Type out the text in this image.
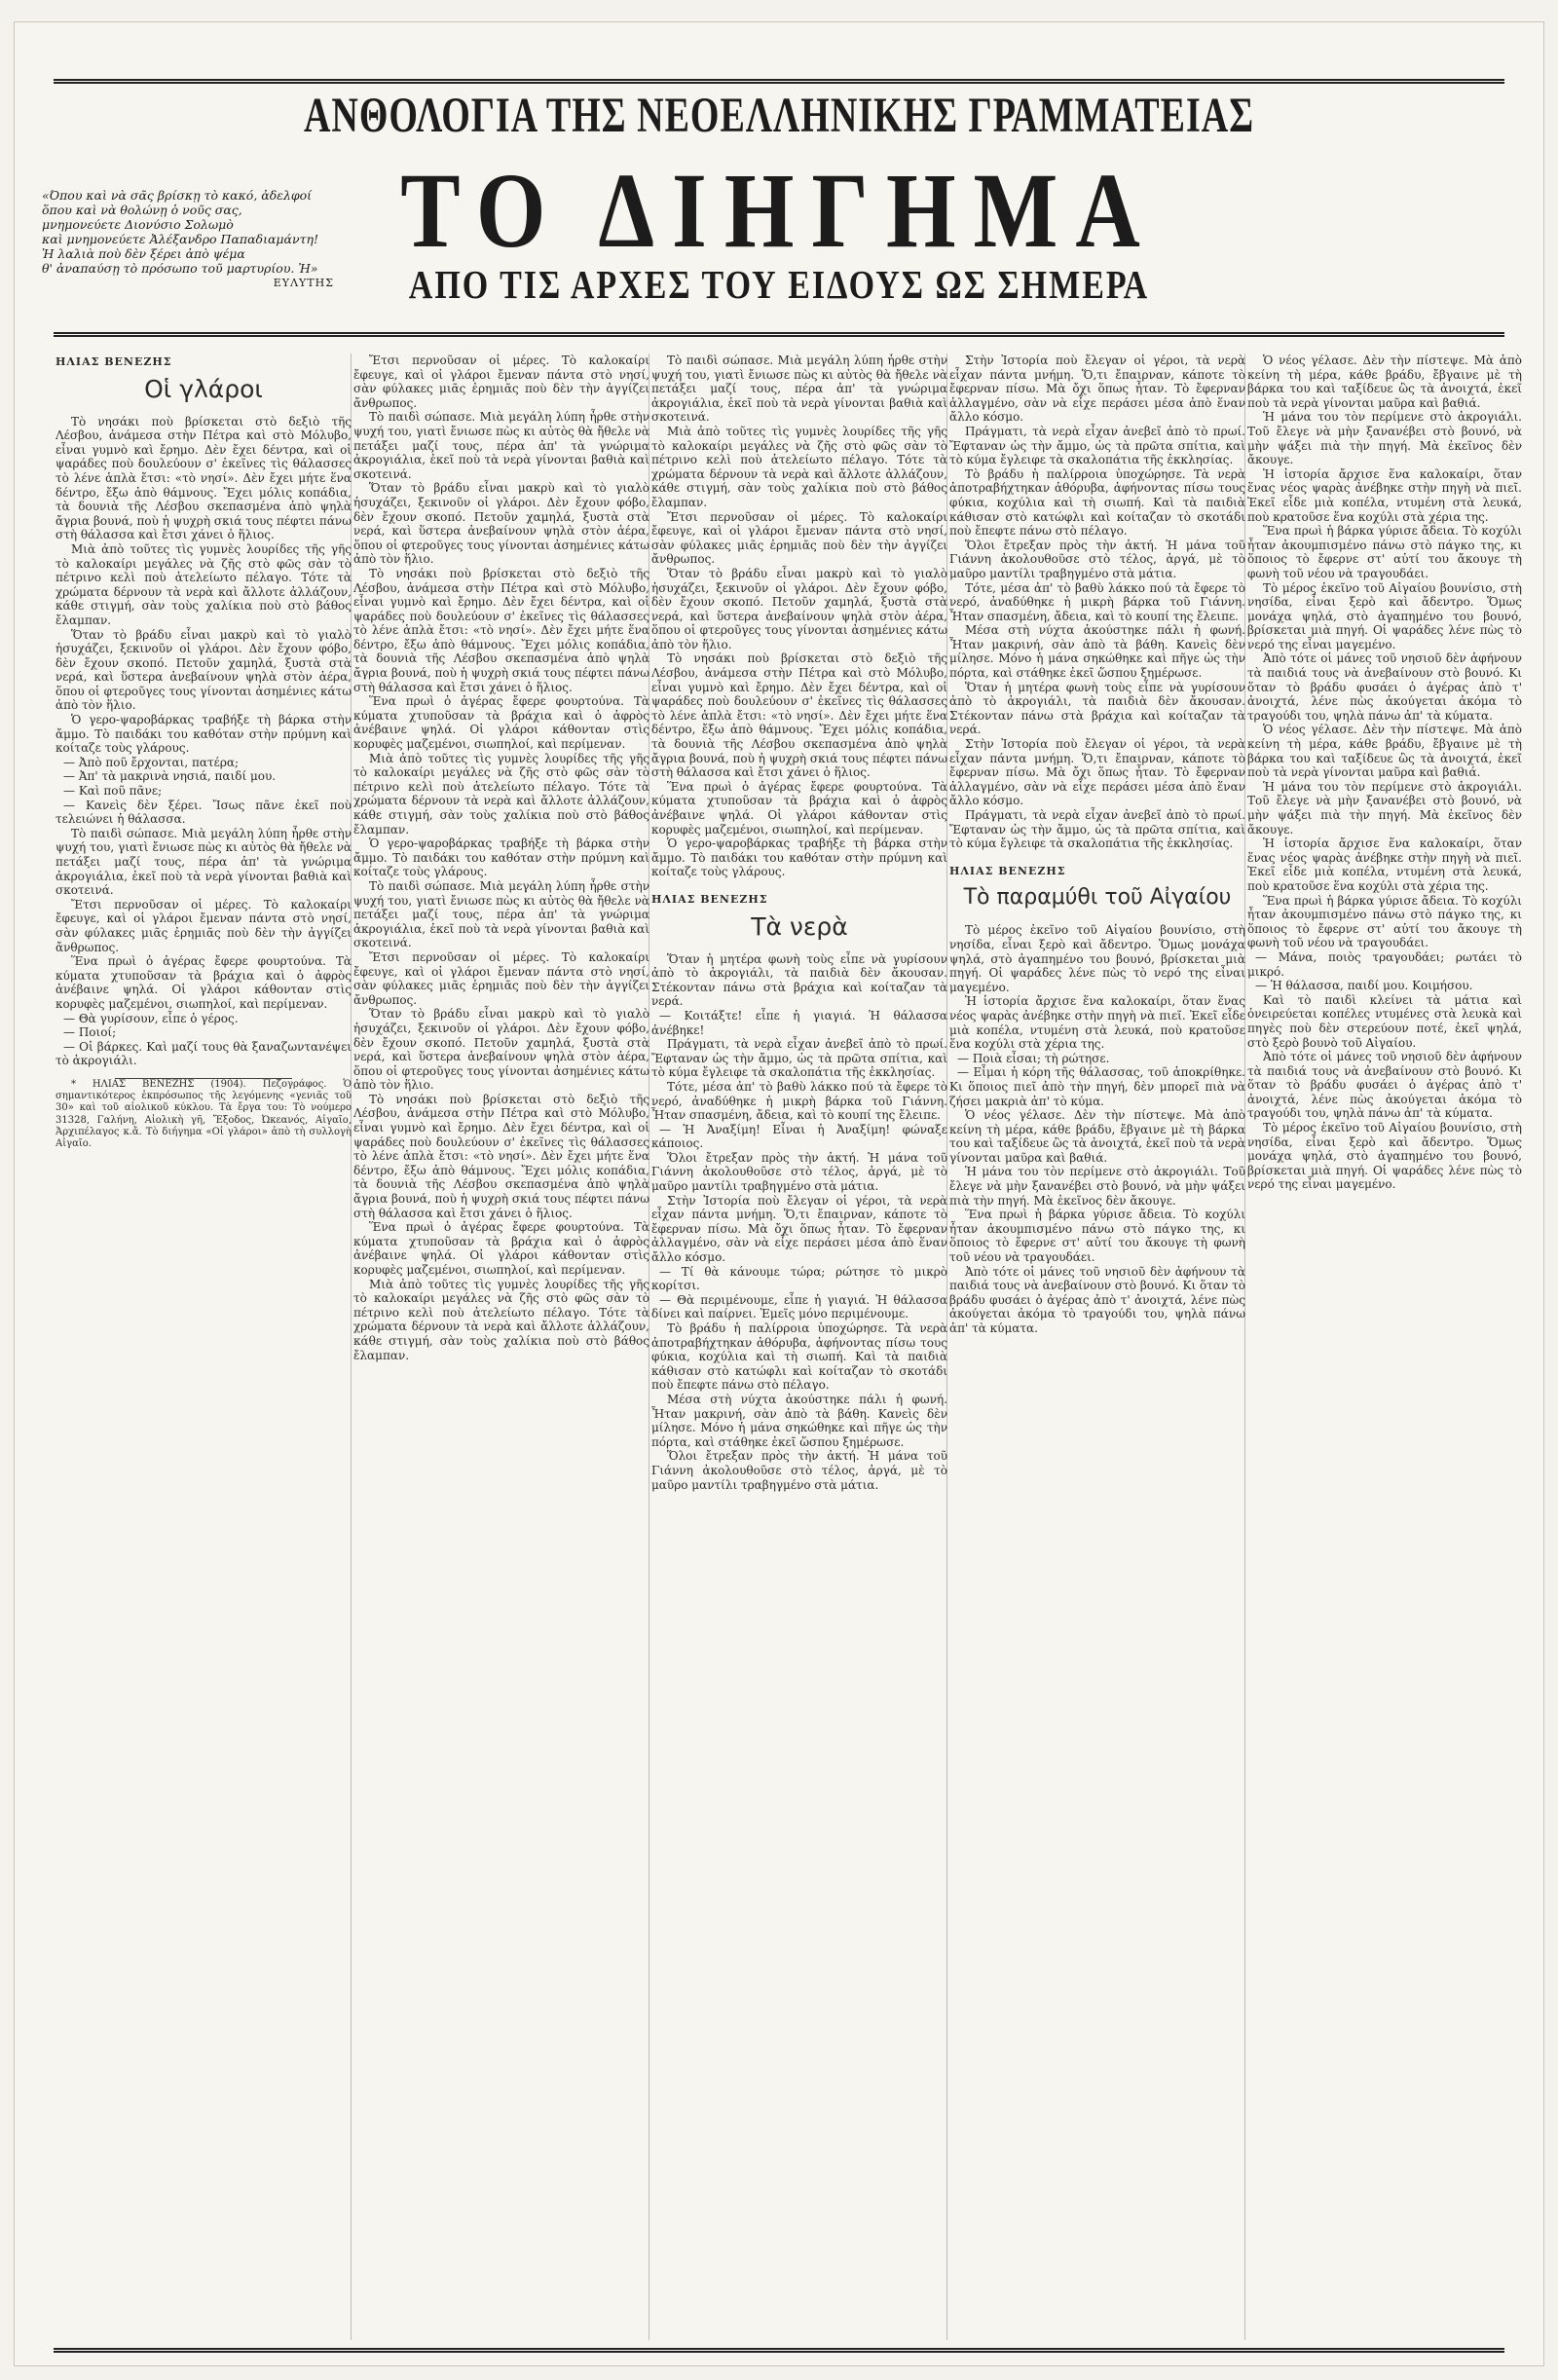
ΑΝΘΟΛΟΓΙΑ ΤΗΣ ΝΕΟΕΛΛΗΝΙΚΗΣ ΓΡΑΜΜΑΤΕΙΑΣ
ΤΟ ΔΙΗΓΗΜΑ
ΑΠΟ ΤΙΣ ΑΡΧΕΣ ΤΟΥ ΕΙΔΟΥΣ ΩΣ ΣΗΜΕΡΑ
«Όπου καὶ νὰ σᾶς βρίσκῃ τὸ κακό, ἀδελφοί
ὅπου καὶ νὰ θολώνῃ ὁ νοῦς σας,
μνημονεύετε Διονύσιο Σολωμὸ
καὶ μνημονεύετε Ἀλέξανδρο Παπαδιαμάντη!
Ἡ λαλιὰ ποὺ δὲν ξέρει ἀπὸ ψέμα
θ' ἀναπαύσῃ τὸ πρόσωπο τοῦ μαρτυρίου. Ἠ»
ΕΥΛΥΤΗΣ
ΗΛΙΑΣ ΒΕΝΕΖΗΣ
Οἱ γλάροι

Τὸ νησάκι ποὺ βρίσκεται στὸ δεξιὸ τῆς Λέσβου, ἀνάμεσα στὴν Πέτρα καὶ στὸ Μόλυβο, εἶναι γυμνὸ καὶ ἔρημο. Δὲν ἔχει δέντρα, καὶ οἱ ψαράδες ποὺ δουλεύουν σ' ἐκεῖνες τὶς θάλασσες τὸ λένε ἁπλὰ ἔτσι: «τὸ νησί». Δὲν ἔχει μήτε ἕνα δέντρο, ἔξω ἀπὸ θάμνους. Ἔχει μόλις κοπάδια, τὰ δουνιὰ τῆς Λέσβου σκεπασμένα ἀπὸ ψηλὰ ἄγρια βουνά, ποὺ ἡ ψυχρὴ σκιά τους πέφτει πάνω στὴ θάλασσα καὶ ἔτσι χάνει ὁ ἥλιος.

Μιὰ ἀπὸ τοῦτες τὶς γυμνὲς λουρίδες τῆς γῆς τὸ καλοκαίρι μεγάλες νὰ ζῆς στὸ φῶς σὰν τὸ πέτρινο κελὶ ποὺ ἀτελείωτο πέλαγο. Τότε τὰ χρώματα δέρνουν τὰ νερὰ καὶ ἄλλοτε ἀλλάζουν, κάθε στιγμή, σὰν τοὺς χαλίκια ποὺ στὸ βάθος ἔλαμπαν.

Ὅταν τὸ βράδυ εἶναι μακρὺ καὶ τὸ γιαλὸ ἡσυχάζει, ξεκινοῦν οἱ γλάροι. Δὲν ἔχουν φόβο, δὲν ἔχουν σκοπό. Πετοῦν χαμηλά, ξυστὰ στὰ νερά, καὶ ὕστερα ἀνεβαίνουν ψηλὰ στὸν ἀέρα, ὅπου οἱ φτεροῦγες τους γίνονται ἀσημένιες κάτω ἀπὸ τὸν ἥλιο.

Ὁ γερο-ψαροβάρκας τραβήξε τὴ βάρκα στὴν ἄμμο. Τὸ παιδάκι του καθόταν στὴν πρύμνη καὶ κοίταζε τοὺς γλάρους.

— Ἀπὸ ποῦ ἔρχονται, πατέρα;

— Ἀπ' τὰ μακρινὰ νησιά, παιδί μου.

— Καὶ ποῦ πᾶνε;

— Κανεὶς δὲν ξέρει. Ἴσως πᾶνε ἐκεῖ ποὺ τελειώνει ἡ θάλασσα.

Τὸ παιδὶ σώπασε. Μιὰ μεγάλη λύπη ἦρθε στὴν ψυχή του, γιατὶ ἔνιωσε πὼς κι αὐτὸς θὰ ἤθελε νὰ πετάξει μαζί τους, πέρα ἀπ' τὰ γνώριμα ἀκρογιάλια, ἐκεῖ ποὺ τὰ νερὰ γίνονται βαθιὰ καὶ σκοτεινά.

Ἔτσι περνοῦσαν οἱ μέρες. Τὸ καλοκαίρι ἔφευγε, καὶ οἱ γλάροι ἔμεναν πάντα στὸ νησί, σὰν φύλακες μιᾶς ἐρημιᾶς ποὺ δὲν τὴν ἀγγίζει ἄνθρωπος.

Ἕνα πρωὶ ὁ ἀγέρας ἔφερε φουρτούνα. Τὰ κύματα χτυποῦσαν τὰ βράχια καὶ ὁ ἀφρὸς ἀνέβαινε ψηλά. Οἱ γλάροι κάθονταν στὶς κορυφὲς μαζεμένοι, σιωπηλοί, καὶ περίμεναν.

— Θὰ γυρίσουν, εἶπε ὁ γέρος.

— Ποιοί;

— Οἱ βάρκες. Καὶ μαζί τους θὰ ξαναζωντανέψει τὸ ἀκρογιάλι.

* ΗΛΙΑΣ ΒΕΝΕΖΗΣ (1904). Πεζογράφος. Ὁ σημαντικότερος ἐκπρόσωπος τῆς λεγόμενης «γενιᾶς τοῦ 30» καὶ τοῦ αἰολικοῦ κύκλου. Τὰ ἔργα του: Τὸ νούμερο 31328, Γαλήνη, Αἰολικὴ γῆ, Ἔξοδος, Ὠκεανός, Αἰγαῖο, Ἀρχιπέλαγος κ.ἄ. Τὸ διήγημα «Οἱ γλάροι» ἀπὸ τὴ συλλογὴ Αἰγαῖο.

Ἔτσι περνοῦσαν οἱ μέρες. Τὸ καλοκαίρι ἔφευγε, καὶ οἱ γλάροι ἔμεναν πάντα στὸ νησί, σὰν φύλακες μιᾶς ἐρημιᾶς ποὺ δὲν τὴν ἀγγίζει ἄνθρωπος.

Τὸ παιδὶ σώπασε. Μιὰ μεγάλη λύπη ἦρθε στὴν ψυχή του, γιατὶ ἔνιωσε πὼς κι αὐτὸς θὰ ἤθελε νὰ πετάξει μαζί τους, πέρα ἀπ' τὰ γνώριμα ἀκρογιάλια, ἐκεῖ ποὺ τὰ νερὰ γίνονται βαθιὰ καὶ σκοτεινά.

Ὅταν τὸ βράδυ εἶναι μακρὺ καὶ τὸ γιαλὸ ἡσυχάζει, ξεκινοῦν οἱ γλάροι. Δὲν ἔχουν φόβο, δὲν ἔχουν σκοπό. Πετοῦν χαμηλά, ξυστὰ στὰ νερά, καὶ ὕστερα ἀνεβαίνουν ψηλὰ στὸν ἀέρα, ὅπου οἱ φτεροῦγες τους γίνονται ἀσημένιες κάτω ἀπὸ τὸν ἥλιο.

Τὸ νησάκι ποὺ βρίσκεται στὸ δεξιὸ τῆς Λέσβου, ἀνάμεσα στὴν Πέτρα καὶ στὸ Μόλυβο, εἶναι γυμνὸ καὶ ἔρημο. Δὲν ἔχει δέντρα, καὶ οἱ ψαράδες ποὺ δουλεύουν σ' ἐκεῖνες τὶς θάλασσες τὸ λένε ἁπλὰ ἔτσι: «τὸ νησί». Δὲν ἔχει μήτε ἕνα δέντρο, ἔξω ἀπὸ θάμνους. Ἔχει μόλις κοπάδια, τὰ δουνιὰ τῆς Λέσβου σκεπασμένα ἀπὸ ψηλὰ ἄγρια βουνά, ποὺ ἡ ψυχρὴ σκιά τους πέφτει πάνω στὴ θάλασσα καὶ ἔτσι χάνει ὁ ἥλιος.

Ἕνα πρωὶ ὁ ἀγέρας ἔφερε φουρτούνα. Τὰ κύματα χτυποῦσαν τὰ βράχια καὶ ὁ ἀφρὸς ἀνέβαινε ψηλά. Οἱ γλάροι κάθονταν στὶς κορυφὲς μαζεμένοι, σιωπηλοί, καὶ περίμεναν.

Μιὰ ἀπὸ τοῦτες τὶς γυμνὲς λουρίδες τῆς γῆς τὸ καλοκαίρι μεγάλες νὰ ζῆς στὸ φῶς σὰν τὸ πέτρινο κελὶ ποὺ ἀτελείωτο πέλαγο. Τότε τὰ χρώματα δέρνουν τὰ νερὰ καὶ ἄλλοτε ἀλλάζουν, κάθε στιγμή, σὰν τοὺς χαλίκια ποὺ στὸ βάθος ἔλαμπαν.

Ὁ γερο-ψαροβάρκας τραβήξε τὴ βάρκα στὴν ἄμμο. Τὸ παιδάκι του καθόταν στὴν πρύμνη καὶ κοίταζε τοὺς γλάρους.

Τὸ παιδὶ σώπασε. Μιὰ μεγάλη λύπη ἦρθε στὴν ψυχή του, γιατὶ ἔνιωσε πὼς κι αὐτὸς θὰ ἤθελε νὰ πετάξει μαζί τους, πέρα ἀπ' τὰ γνώριμα ἀκρογιάλια, ἐκεῖ ποὺ τὰ νερὰ γίνονται βαθιὰ καὶ σκοτεινά.

Ἔτσι περνοῦσαν οἱ μέρες. Τὸ καλοκαίρι ἔφευγε, καὶ οἱ γλάροι ἔμεναν πάντα στὸ νησί, σὰν φύλακες μιᾶς ἐρημιᾶς ποὺ δὲν τὴν ἀγγίζει ἄνθρωπος.

Ὅταν τὸ βράδυ εἶναι μακρὺ καὶ τὸ γιαλὸ ἡσυχάζει, ξεκινοῦν οἱ γλάροι. Δὲν ἔχουν φόβο, δὲν ἔχουν σκοπό. Πετοῦν χαμηλά, ξυστὰ στὰ νερά, καὶ ὕστερα ἀνεβαίνουν ψηλὰ στὸν ἀέρα, ὅπου οἱ φτεροῦγες τους γίνονται ἀσημένιες κάτω ἀπὸ τὸν ἥλιο.

Τὸ νησάκι ποὺ βρίσκεται στὸ δεξιὸ τῆς Λέσβου, ἀνάμεσα στὴν Πέτρα καὶ στὸ Μόλυβο, εἶναι γυμνὸ καὶ ἔρημο. Δὲν ἔχει δέντρα, καὶ οἱ ψαράδες ποὺ δουλεύουν σ' ἐκεῖνες τὶς θάλασσες τὸ λένε ἁπλὰ ἔτσι: «τὸ νησί». Δὲν ἔχει μήτε ἕνα δέντρο, ἔξω ἀπὸ θάμνους. Ἔχει μόλις κοπάδια, τὰ δουνιὰ τῆς Λέσβου σκεπασμένα ἀπὸ ψηλὰ ἄγρια βουνά, ποὺ ἡ ψυχρὴ σκιά τους πέφτει πάνω στὴ θάλασσα καὶ ἔτσι χάνει ὁ ἥλιος.

Ἕνα πρωὶ ὁ ἀγέρας ἔφερε φουρτούνα. Τὰ κύματα χτυποῦσαν τὰ βράχια καὶ ὁ ἀφρὸς ἀνέβαινε ψηλά. Οἱ γλάροι κάθονταν στὶς κορυφὲς μαζεμένοι, σιωπηλοί, καὶ περίμεναν.

Μιὰ ἀπὸ τοῦτες τὶς γυμνὲς λουρίδες τῆς γῆς τὸ καλοκαίρι μεγάλες νὰ ζῆς στὸ φῶς σὰν τὸ πέτρινο κελὶ ποὺ ἀτελείωτο πέλαγο. Τότε τὰ χρώματα δέρνουν τὰ νερὰ καὶ ἄλλοτε ἀλλάζουν, κάθε στιγμή, σὰν τοὺς χαλίκια ποὺ στὸ βάθος ἔλαμπαν.

Τὸ παιδὶ σώπασε. Μιὰ μεγάλη λύπη ἦρθε στὴν ψυχή του, γιατὶ ἔνιωσε πὼς κι αὐτὸς θὰ ἤθελε νὰ πετάξει μαζί τους, πέρα ἀπ' τὰ γνώριμα ἀκρογιάλια, ἐκεῖ ποὺ τὰ νερὰ γίνονται βαθιὰ καὶ σκοτεινά.

Μιὰ ἀπὸ τοῦτες τὶς γυμνὲς λουρίδες τῆς γῆς τὸ καλοκαίρι μεγάλες νὰ ζῆς στὸ φῶς σὰν τὸ πέτρινο κελὶ ποὺ ἀτελείωτο πέλαγο. Τότε τὰ χρώματα δέρνουν τὰ νερὰ καὶ ἄλλοτε ἀλλάζουν, κάθε στιγμή, σὰν τοὺς χαλίκια ποὺ στὸ βάθος ἔλαμπαν.

Ἔτσι περνοῦσαν οἱ μέρες. Τὸ καλοκαίρι ἔφευγε, καὶ οἱ γλάροι ἔμεναν πάντα στὸ νησί, σὰν φύλακες μιᾶς ἐρημιᾶς ποὺ δὲν τὴν ἀγγίζει ἄνθρωπος.

Ὅταν τὸ βράδυ εἶναι μακρὺ καὶ τὸ γιαλὸ ἡσυχάζει, ξεκινοῦν οἱ γλάροι. Δὲν ἔχουν φόβο, δὲν ἔχουν σκοπό. Πετοῦν χαμηλά, ξυστὰ στὰ νερά, καὶ ὕστερα ἀνεβαίνουν ψηλὰ στὸν ἀέρα, ὅπου οἱ φτεροῦγες τους γίνονται ἀσημένιες κάτω ἀπὸ τὸν ἥλιο.

Τὸ νησάκι ποὺ βρίσκεται στὸ δεξιὸ τῆς Λέσβου, ἀνάμεσα στὴν Πέτρα καὶ στὸ Μόλυβο, εἶναι γυμνὸ καὶ ἔρημο. Δὲν ἔχει δέντρα, καὶ οἱ ψαράδες ποὺ δουλεύουν σ' ἐκεῖνες τὶς θάλασσες τὸ λένε ἁπλὰ ἔτσι: «τὸ νησί». Δὲν ἔχει μήτε ἕνα δέντρο, ἔξω ἀπὸ θάμνους. Ἔχει μόλις κοπάδια, τὰ δουνιὰ τῆς Λέσβου σκεπασμένα ἀπὸ ψηλὰ ἄγρια βουνά, ποὺ ἡ ψυχρὴ σκιά τους πέφτει πάνω στὴ θάλασσα καὶ ἔτσι χάνει ὁ ἥλιος.

Ἕνα πρωὶ ὁ ἀγέρας ἔφερε φουρτούνα. Τὰ κύματα χτυποῦσαν τὰ βράχια καὶ ὁ ἀφρὸς ἀνέβαινε ψηλά. Οἱ γλάροι κάθονταν στὶς κορυφὲς μαζεμένοι, σιωπηλοί, καὶ περίμεναν.

Ὁ γερο-ψαροβάρκας τραβήξε τὴ βάρκα στὴν ἄμμο. Τὸ παιδάκι του καθόταν στὴν πρύμνη καὶ κοίταζε τοὺς γλάρους.

ΗΛΙΑΣ ΒΕΝΕΖΗΣ
Τὰ νερὰ

Ὅταν ἡ μητέρα φωνὴ τοὺς εἶπε νὰ γυρίσουν ἀπὸ τὸ ἀκρογιάλι, τὰ παιδιὰ δὲν ἄκουσαν. Στέκονταν πάνω στὰ βράχια καὶ κοίταζαν τὰ νερά.

— Κοιτάξτε! εἶπε ἡ γιαγιά. Ἡ θάλασσα ἀνέβηκε!

Πράγματι, τὰ νερὰ εἶχαν ἀνεβεῖ ἀπὸ τὸ πρωί. Ἔφταναν ὡς τὴν ἄμμο, ὡς τὰ πρῶτα σπίτια, καὶ τὸ κύμα ἔγλειφε τὰ σκαλοπάτια τῆς ἐκκλησίας.

Τότε, μέσα ἀπ' τὸ βαθὺ λάκκο πού τὰ ἔφερε τὸ νερό, ἀναδύθηκε ἡ μικρὴ βάρκα τοῦ Γιάννη. Ἦταν σπασμένη, ἄδεια, καὶ τὸ κουπί της ἔλειπε.

— Ἡ Ἀναξίμη! Εἶναι ἡ Ἀναξίμη! φώναξε κάποιος.

Ὅλοι ἔτρεξαν πρὸς τὴν ἀκτή. Ἡ μάνα τοῦ Γιάννη ἀκολουθοῦσε στὸ τέλος, ἀργά, μὲ τὸ μαῦρο μαντίλι τραβηγμένο στὰ μάτια.

Στὴν Ἰστορία ποὺ ἔλεγαν οἱ γέροι, τὰ νερὰ εἶχαν πάντα μνήμη. Ὅ,τι ἔπαιρναν, κάποτε τὸ ἔφερναν πίσω. Μὰ ὄχι ὅπως ἦταν. Τὸ ἔφερναν ἀλλαγμένο, σὰν νὰ εἶχε περάσει μέσα ἀπὸ ἕναν ἄλλο κόσμο.

— Τί θὰ κάνουμε τώρα; ρώτησε τὸ μικρὸ κορίτσι.

— Θὰ περιμένουμε, εἶπε ἡ γιαγιά. Ἡ θάλασσα δίνει καὶ παίρνει. Ἐμεῖς μόνο περιμένουμε.

Τὸ βράδυ ἡ παλίρροια ὑποχώρησε. Τὰ νερὰ ἀποτραβήχτηκαν ἀθόρυβα, ἀφήνοντας πίσω τους φύκια, κοχύλια καὶ τὴ σιωπή. Καὶ τὰ παιδιὰ κάθισαν στὸ κατώφλι καὶ κοίταζαν τὸ σκοτάδι ποὺ ἔπεφτε πάνω στὸ πέλαγο.

Μέσα στὴ νύχτα ἀκούστηκε πάλι ἡ φωνή. Ἦταν μακρινή, σὰν ἀπὸ τὰ βάθη. Κανεὶς δὲν μίλησε. Μόνο ἡ μάνα σηκώθηκε καὶ πῆγε ὡς τὴν πόρτα, καὶ στάθηκε ἐκεῖ ὥσπου ξημέρωσε.

Ὅλοι ἔτρεξαν πρὸς τὴν ἀκτή. Ἡ μάνα τοῦ Γιάννη ἀκολουθοῦσε στὸ τέλος, ἀργά, μὲ τὸ μαῦρο μαντίλι τραβηγμένο στὰ μάτια.

Στὴν Ἰστορία ποὺ ἔλεγαν οἱ γέροι, τὰ νερὰ εἶχαν πάντα μνήμη. Ὅ,τι ἔπαιρναν, κάποτε τὸ ἔφερναν πίσω. Μὰ ὄχι ὅπως ἦταν. Τὸ ἔφερναν ἀλλαγμένο, σὰν νὰ εἶχε περάσει μέσα ἀπὸ ἕναν ἄλλο κόσμο.

Πράγματι, τὰ νερὰ εἶχαν ἀνεβεῖ ἀπὸ τὸ πρωί. Ἔφταναν ὡς τὴν ἄμμο, ὡς τὰ πρῶτα σπίτια, καὶ τὸ κύμα ἔγλειφε τὰ σκαλοπάτια τῆς ἐκκλησίας.

Τὸ βράδυ ἡ παλίρροια ὑποχώρησε. Τὰ νερὰ ἀποτραβήχτηκαν ἀθόρυβα, ἀφήνοντας πίσω τους φύκια, κοχύλια καὶ τὴ σιωπή. Καὶ τὰ παιδιὰ κάθισαν στὸ κατώφλι καὶ κοίταζαν τὸ σκοτάδι ποὺ ἔπεφτε πάνω στὸ πέλαγο.

Ὅλοι ἔτρεξαν πρὸς τὴν ἀκτή. Ἡ μάνα τοῦ Γιάννη ἀκολουθοῦσε στὸ τέλος, ἀργά, μὲ τὸ μαῦρο μαντίλι τραβηγμένο στὰ μάτια.

Τότε, μέσα ἀπ' τὸ βαθὺ λάκκο πού τὰ ἔφερε τὸ νερό, ἀναδύθηκε ἡ μικρὴ βάρκα τοῦ Γιάννη. Ἦταν σπασμένη, ἄδεια, καὶ τὸ κουπί της ἔλειπε.

Μέσα στὴ νύχτα ἀκούστηκε πάλι ἡ φωνή. Ἦταν μακρινή, σὰν ἀπὸ τὰ βάθη. Κανεὶς δὲν μίλησε. Μόνο ἡ μάνα σηκώθηκε καὶ πῆγε ὡς τὴν πόρτα, καὶ στάθηκε ἐκεῖ ὥσπου ξημέρωσε.

Ὅταν ἡ μητέρα φωνὴ τοὺς εἶπε νὰ γυρίσουν ἀπὸ τὸ ἀκρογιάλι, τὰ παιδιὰ δὲν ἄκουσαν. Στέκονταν πάνω στὰ βράχια καὶ κοίταζαν τὰ νερά.

Στὴν Ἰστορία ποὺ ἔλεγαν οἱ γέροι, τὰ νερὰ εἶχαν πάντα μνήμη. Ὅ,τι ἔπαιρναν, κάποτε τὸ ἔφερναν πίσω. Μὰ ὄχι ὅπως ἦταν. Τὸ ἔφερναν ἀλλαγμένο, σὰν νὰ εἶχε περάσει μέσα ἀπὸ ἕναν ἄλλο κόσμο.

Πράγματι, τὰ νερὰ εἶχαν ἀνεβεῖ ἀπὸ τὸ πρωί. Ἔφταναν ὡς τὴν ἄμμο, ὡς τὰ πρῶτα σπίτια, καὶ τὸ κύμα ἔγλειφε τὰ σκαλοπάτια τῆς ἐκκλησίας.

ΗΛΙΑΣ ΒΕΝΕΖΗΣ
Τὸ παραμύθι τοῦ Αἰγαίου

Τὸ μέρος ἐκεῖνο τοῦ Αἰγαίου βουνίσιο, στὴ νησίδα, εἶναι ξερὸ καὶ ἄδεντρο. Ὅμως μονάχα ψηλά, στὸ ἀγαπημένο του βουνό, βρίσκεται μιὰ πηγή. Οἱ ψαράδες λένε πὼς τὸ νερό της εἶναι μαγεμένο.

Ἡ ἱστορία ἄρχισε ἕνα καλοκαίρι, ὅταν ἕνας νέος ψαρὰς ἀνέβηκε στὴν πηγὴ νὰ πιεῖ. Ἐκεῖ εἶδε μιὰ κοπέλα, ντυμένη στὰ λευκά, ποὺ κρατοῦσε ἕνα κοχύλι στὰ χέρια της.

— Ποιὰ εἶσαι; τὴ ρώτησε.

— Εἶμαι ἡ κόρη τῆς θάλασσας, τοῦ ἀποκρίθηκε. Κι ὅποιος πιεῖ ἀπὸ τὴν πηγή, δὲν μπορεῖ πιὰ νὰ ζήσει μακριὰ ἀπ' τὸ κύμα.

Ὁ νέος γέλασε. Δὲν τὴν πίστεψε. Μὰ ἀπὸ κείνη τὴ μέρα, κάθε βράδυ, ἔβγαινε μὲ τὴ βάρκα του καὶ ταξίδευε ὣς τὰ ἀνοιχτά, ἐκεῖ ποὺ τὰ νερὰ γίνονται μαῦρα καὶ βαθιά.

Ἡ μάνα του τὸν περίμενε στὸ ἀκρογιάλι. Τοῦ ἔλεγε νὰ μὴν ξανανέβει στὸ βουνό, νὰ μὴν ψάξει πιὰ τὴν πηγή. Μὰ ἐκεῖνος δὲν ἄκουγε.

Ἕνα πρωὶ ἡ βάρκα γύρισε ἄδεια. Τὸ κοχύλι ἦταν ἀκουμπισμένο πάνω στὸ πάγκο της, κι ὅποιος τὸ ἔφερνε στ' αὐτί του ἄκουγε τὴ φωνὴ τοῦ νέου νὰ τραγουδάει.

Ἀπὸ τότε οἱ μάνες τοῦ νησιοῦ δὲν ἀφήνουν τὰ παιδιά τους νὰ ἀνεβαίνουν στὸ βουνό. Κι ὅταν τὸ βράδυ φυσάει ὁ ἀγέρας ἀπὸ τ' ἀνοιχτά, λένε πὼς ἀκούγεται ἀκόμα τὸ τραγούδι του, ψηλὰ πάνω ἀπ' τὰ κύματα.

Ὁ νέος γέλασε. Δὲν τὴν πίστεψε. Μὰ ἀπὸ κείνη τὴ μέρα, κάθε βράδυ, ἔβγαινε μὲ τὴ βάρκα του καὶ ταξίδευε ὣς τὰ ἀνοιχτά, ἐκεῖ ποὺ τὰ νερὰ γίνονται μαῦρα καὶ βαθιά.

Ἡ μάνα του τὸν περίμενε στὸ ἀκρογιάλι. Τοῦ ἔλεγε νὰ μὴν ξανανέβει στὸ βουνό, νὰ μὴν ψάξει πιὰ τὴν πηγή. Μὰ ἐκεῖνος δὲν ἄκουγε.

Ἡ ἱστορία ἄρχισε ἕνα καλοκαίρι, ὅταν ἕνας νέος ψαρὰς ἀνέβηκε στὴν πηγὴ νὰ πιεῖ. Ἐκεῖ εἶδε μιὰ κοπέλα, ντυμένη στὰ λευκά, ποὺ κρατοῦσε ἕνα κοχύλι στὰ χέρια της.

Ἕνα πρωὶ ἡ βάρκα γύρισε ἄδεια. Τὸ κοχύλι ἦταν ἀκουμπισμένο πάνω στὸ πάγκο της, κι ὅποιος τὸ ἔφερνε στ' αὐτί του ἄκουγε τὴ φωνὴ τοῦ νέου νὰ τραγουδάει.

Τὸ μέρος ἐκεῖνο τοῦ Αἰγαίου βουνίσιο, στὴ νησίδα, εἶναι ξερὸ καὶ ἄδεντρο. Ὅμως μονάχα ψηλά, στὸ ἀγαπημένο του βουνό, βρίσκεται μιὰ πηγή. Οἱ ψαράδες λένε πὼς τὸ νερό της εἶναι μαγεμένο.

Ἀπὸ τότε οἱ μάνες τοῦ νησιοῦ δὲν ἀφήνουν τὰ παιδιά τους νὰ ἀνεβαίνουν στὸ βουνό. Κι ὅταν τὸ βράδυ φυσάει ὁ ἀγέρας ἀπὸ τ' ἀνοιχτά, λένε πὼς ἀκούγεται ἀκόμα τὸ τραγούδι του, ψηλὰ πάνω ἀπ' τὰ κύματα.

Ὁ νέος γέλασε. Δὲν τὴν πίστεψε. Μὰ ἀπὸ κείνη τὴ μέρα, κάθε βράδυ, ἔβγαινε μὲ τὴ βάρκα του καὶ ταξίδευε ὣς τὰ ἀνοιχτά, ἐκεῖ ποὺ τὰ νερὰ γίνονται μαῦρα καὶ βαθιά.

Ἡ μάνα του τὸν περίμενε στὸ ἀκρογιάλι. Τοῦ ἔλεγε νὰ μὴν ξανανέβει στὸ βουνό, νὰ μὴν ψάξει πιὰ τὴν πηγή. Μὰ ἐκεῖνος δὲν ἄκουγε.

Ἡ ἱστορία ἄρχισε ἕνα καλοκαίρι, ὅταν ἕνας νέος ψαρὰς ἀνέβηκε στὴν πηγὴ νὰ πιεῖ. Ἐκεῖ εἶδε μιὰ κοπέλα, ντυμένη στὰ λευκά, ποὺ κρατοῦσε ἕνα κοχύλι στὰ χέρια της.

Ἕνα πρωὶ ἡ βάρκα γύρισε ἄδεια. Τὸ κοχύλι ἦταν ἀκουμπισμένο πάνω στὸ πάγκο της, κι ὅποιος τὸ ἔφερνε στ' αὐτί του ἄκουγε τὴ φωνὴ τοῦ νέου νὰ τραγουδάει.

— Μάνα, ποιὸς τραγουδάει; ρωτάει τὸ μικρό.

— Ἡ θάλασσα, παιδί μου. Κοιμήσου.

Καὶ τὸ παιδὶ κλείνει τὰ μάτια καὶ ὀνειρεύεται κοπέλες ντυμένες στὰ λευκὰ καὶ πηγὲς ποὺ δὲν στερεύουν ποτέ, ἐκεῖ ψηλά, στὸ ξερὸ βουνὸ τοῦ Αἰγαίου.

Ἀπὸ τότε οἱ μάνες τοῦ νησιοῦ δὲν ἀφήνουν τὰ παιδιά τους νὰ ἀνεβαίνουν στὸ βουνό. Κι ὅταν τὸ βράδυ φυσάει ὁ ἀγέρας ἀπὸ τ' ἀνοιχτά, λένε πὼς ἀκούγεται ἀκόμα τὸ τραγούδι του, ψηλὰ πάνω ἀπ' τὰ κύματα.

Τὸ μέρος ἐκεῖνο τοῦ Αἰγαίου βουνίσιο, στὴ νησίδα, εἶναι ξερὸ καὶ ἄδεντρο. Ὅμως μονάχα ψηλά, στὸ ἀγαπημένο του βουνό, βρίσκεται μιὰ πηγή. Οἱ ψαράδες λένε πὼς τὸ νερό της εἶναι μαγεμένο.
